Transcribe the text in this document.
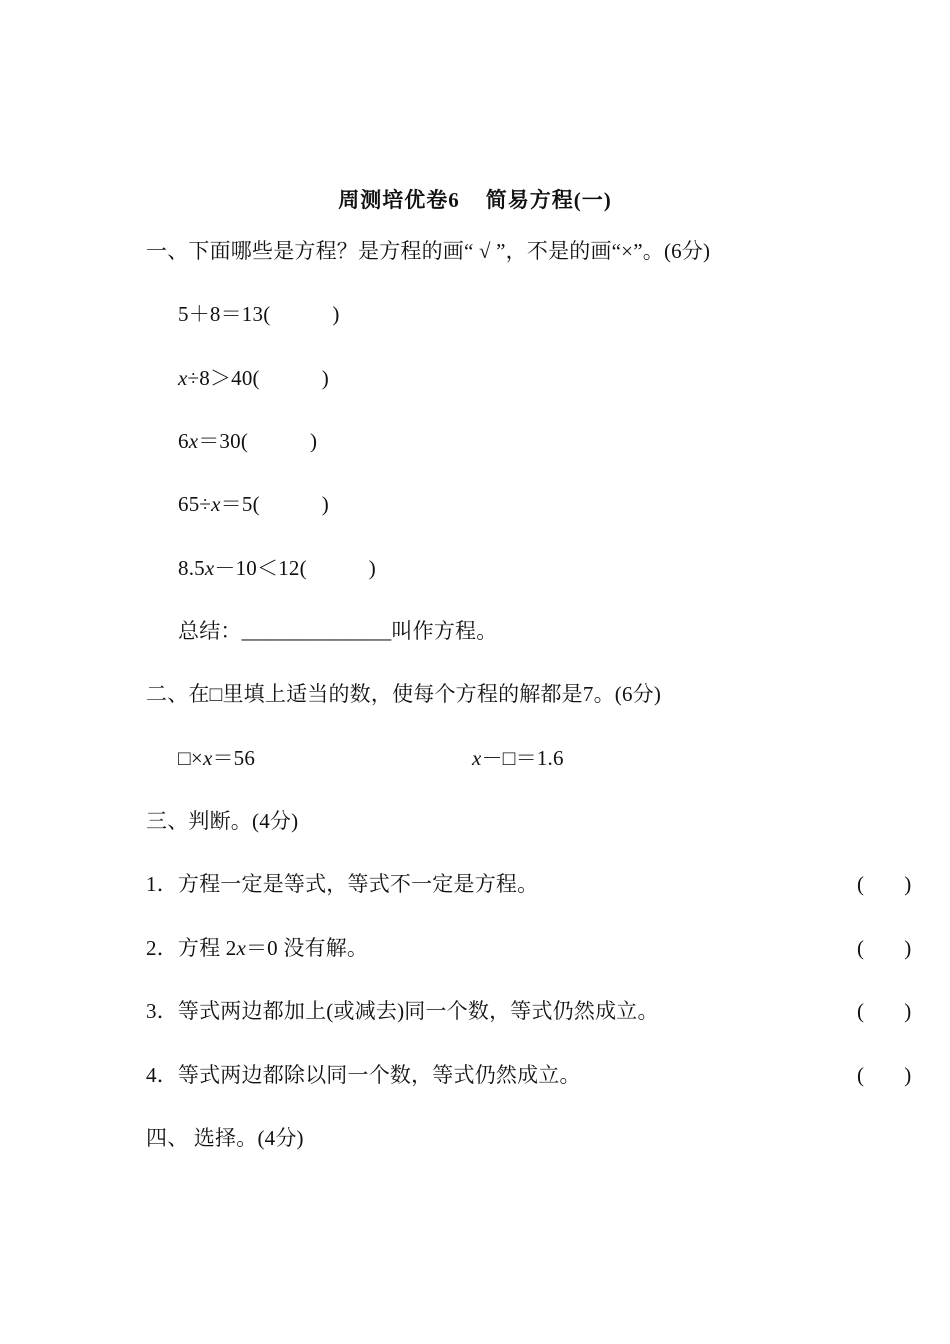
周测培优卷6 简易方程(一)
一、下面哪些是方程？是方程的画“ √ ”，不是的画“×”。(6分)
5＋8＝13(	)
x÷8＞40(	)
6x＝30(	)
65÷x＝5(	)
8.5x－10＜12(	)
总结：______________叫作方程。
二、在□里填上适当的数，使每个方程的解都是7。(6分)
□×x＝56	x－□＝1.6
三、判断。(4分)
1．方程一定是等式，等式不一定是方程。	( )
2．方程 2x＝0 没有解。	( )
3．等式两边都加上(或减去)同一个数，等式仍然成立。	( )
4．等式两边都除以同一个数，等式仍然成立。	( )
四、 选择。(4分)
